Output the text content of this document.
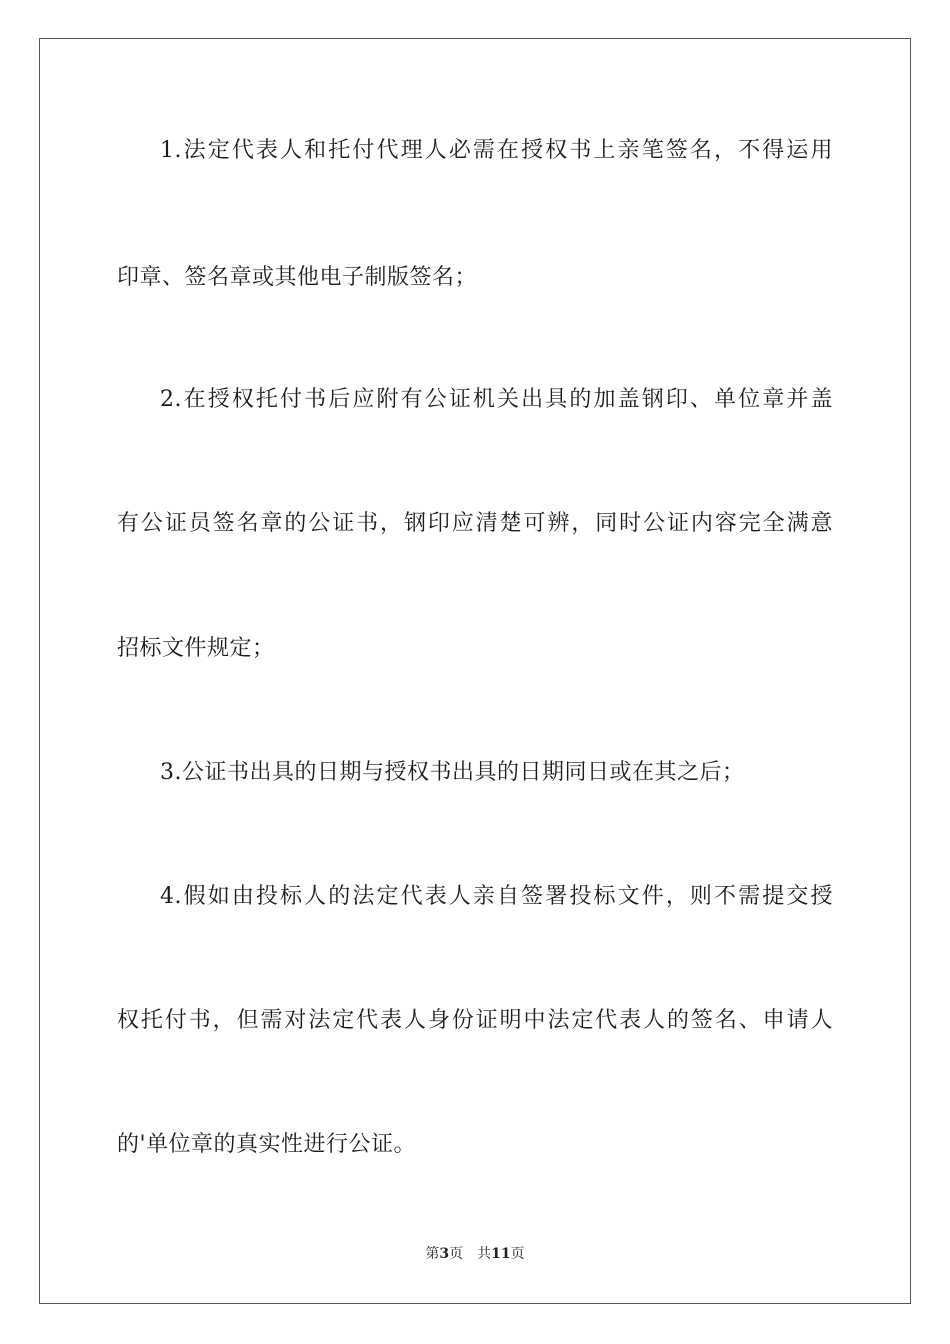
1.法定代表人和托付代理人必需在授权书上亲笔签名，不得运用
印章、签名章或其他电子制版签名；
2.在授权托付书后应附有公证机关出具的加盖钢印、单位章并盖
有公证员签名章的公证书，钢印应清楚可辨，同时公证内容完全满意
招标文件规定；
3.公证书出具的日期与授权书出具的日期同日或在其之后；
4.假如由投标人的法定代表人亲自签署投标文件，则不需提交授
权托付书，但需对法定代表人身份证明中法定代表人的签名、申请人
的'单位章的真实性进行公证。
第3页 共11页
